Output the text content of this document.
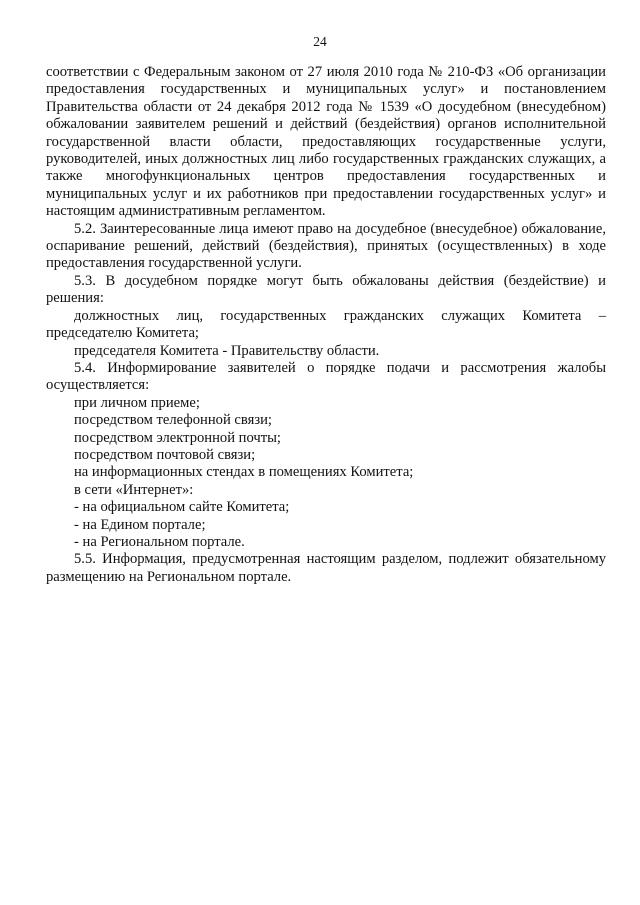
24

соответствии с Федеральным законом от 27 июля 2010 года № 210-ФЗ «Об организации предоставления государственных и муниципальных услуг» и постановлением Правительства области от 24 декабря 2012 года № 1539 «О досудебном (внесудебном) обжаловании заявителем решений и действий (бездействия) органов исполнительной государственной власти области, предоставляющих государственные услуги, руководителей, иных должностных лиц либо государственных гражданских служащих, а также многофункциональных центров предоставления государственных и муниципальных услуг и их работников при предоставлении государственных услуг» и настоящим административным регламентом.

5.2. Заинтересованные лица имеют право на досудебное (внесудебное) обжалование, оспаривание решений, действий (бездействия), принятых (осуществленных) в ходе предоставления государственной услуги.

5.3. В досудебном порядке могут быть обжалованы действия (бездействие) и решения:

должностных лиц, государственных гражданских служащих Комитета – председателю Комитета;

председателя Комитета - Правительству области.

5.4. Информирование заявителей о порядке подачи и рассмотрения жалобы осуществляется:

при личном приеме;

посредством телефонной связи;

посредством электронной почты;

посредством почтовой связи;

на информационных стендах в помещениях Комитета;

в сети «Интернет»:

- на официальном сайте Комитета;

- на Едином портале;

- на Региональном портале.

5.5. Информация, предусмотренная настоящим разделом, подлежит обязательному размещению на Региональном портале.
